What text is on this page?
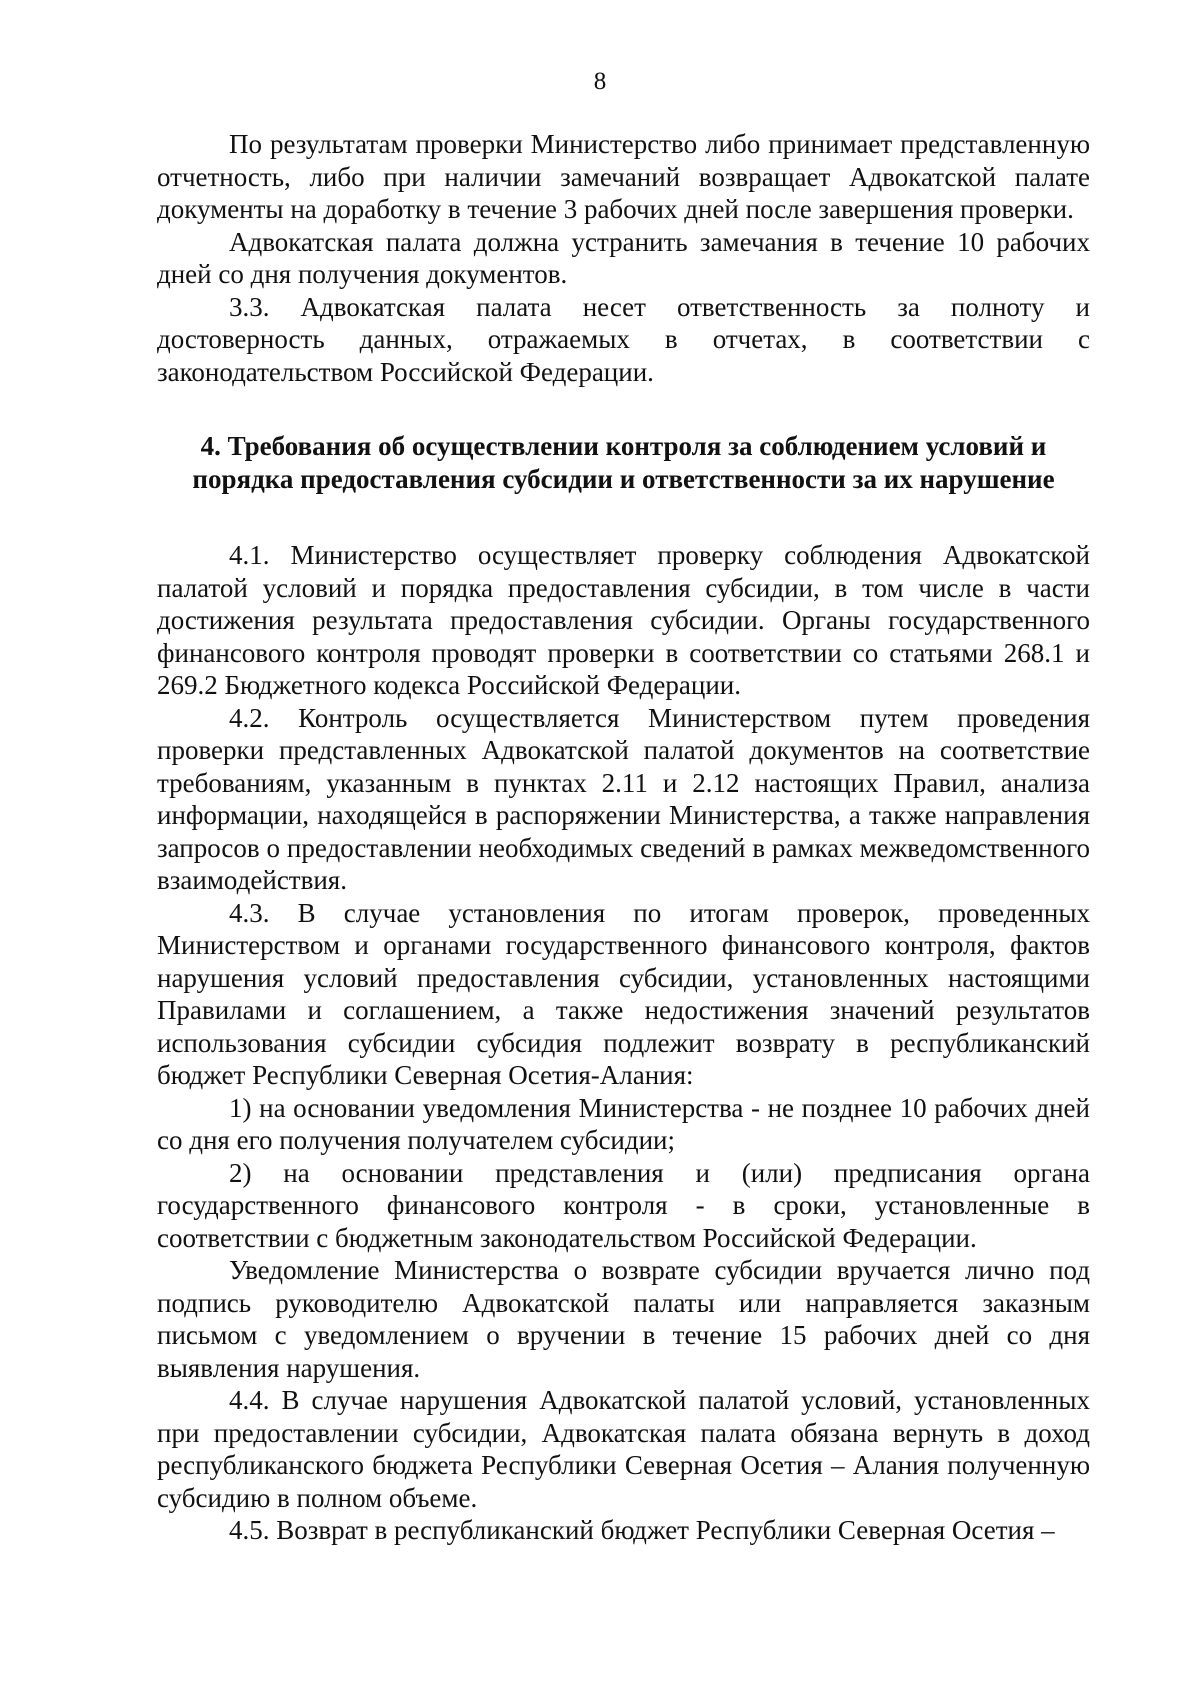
8

По результатам проверки Министерство либо принимает представленную отчетность, либо при наличии замечаний возвращает Адвокатской палате документы на доработку в течение 3 рабочих дней после завершения проверки.

Адвокатская палата должна устранить замечания в течение 10 рабочих дней со дня получения документов.

3.3. Адвокатская палата несет ответственность за полноту и достоверность данных, отражаемых в отчетах, в соответствии с законодательством Российской Федерации.

4. Требования об осуществлении контроля за соблюдением условий и порядка предоставления субсидии и ответственности за их нарушение

4.1. Министерство осуществляет проверку соблюдения Адвокатской палатой условий и порядка предоставления субсидии, в том числе в части достижения результата предоставления субсидии. Органы государственного финансового контроля проводят проверки в соответствии со статьями 268.1 и 269.2 Бюджетного кодекса Российской Федерации.

4.2. Контроль осуществляется Министерством путем проведения проверки представленных Адвокатской палатой документов на соответствие требованиям, указанным в пунктах 2.11 и 2.12 настоящих Правил, анализа информации, находящейся в распоряжении Министерства, а также направления запросов о предоставлении необходимых сведений в рамках межведомственного взаимодействия.

4.3. В случае установления по итогам проверок, проведенных Министерством и органами государственного финансового контроля, фактов нарушения условий предоставления субсидии, установленных настоящими Правилами и соглашением, а также недостижения значений результатов использования субсидии субсидия подлежит возврату в республиканский бюджет Республики Северная Осетия-Алания:

1) на основании уведомления Министерства - не позднее 10 рабочих дней со дня его получения получателем субсидии;

2) на основании представления и (или) предписания органа государственного финансового контроля - в сроки, установленные в соответствии с бюджетным законодательством Российской Федерации.

Уведомление Министерства о возврате субсидии вручается лично под подпись руководителю Адвокатской палаты или направляется заказным письмом с уведомлением о вручении в течение 15 рабочих дней со дня выявления нарушения.

4.4. В случае нарушения Адвокатской палатой условий, установленных при предоставлении субсидии, Адвокатская палата обязана вернуть в доход республиканского бюджета Республики Северная Осетия – Алания полученную субсидию в полном объеме.

4.5. Возврат в республиканский бюджет Республики Северная Осетия –
